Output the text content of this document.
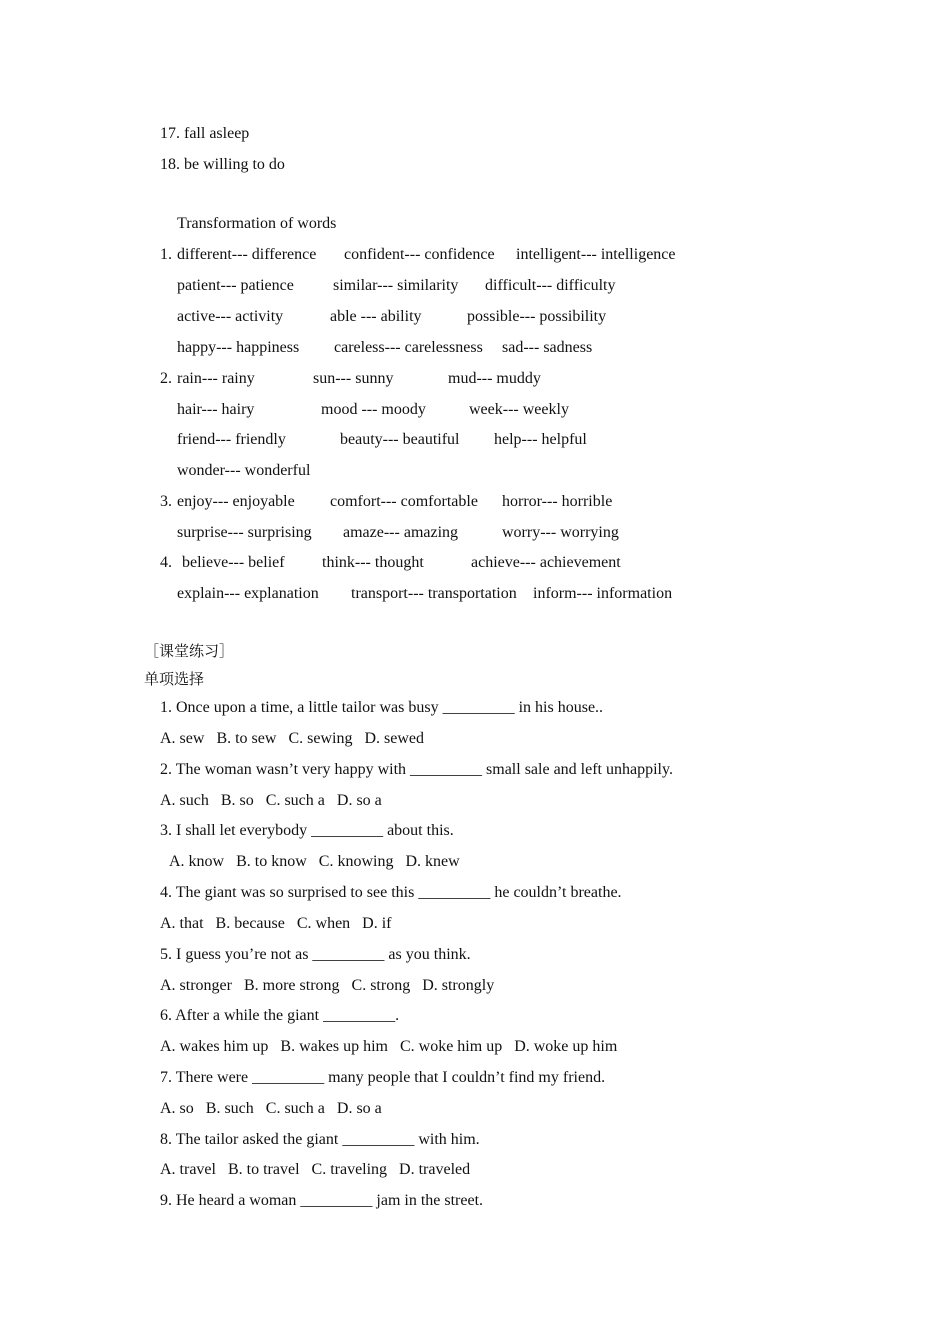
17. fall asleep
18. be willing to do
Transformation of words
1. different--- difference confident--- confidence intelligent--- intelligence
patient--- patience similar--- similarity difficult--- difficulty
active--- activity	able --- ability	possible--- possibility
happy--- happiness careless--- carelessness sad--- sadness
2. rain--- rainy	sun--- sunny	mud--- muddy
hair--- hairy	mood --- moody	week--- weekly
friend--- friendly	beauty--- beautiful help--- helpful
wonder--- wonderful
3. enjoy--- enjoyable comfort--- comfortable horror--- horrible
surprise--- surprising amaze--- amazing	worry--- worrying
4. believe--- belief think--- thought	achieve--- achievement
explain--- explanation transport--- transportation inform--- information
［课堂练习］
单项选择
1. Once upon a time, a little tailor was busy _________ in his house..
A. sew   B. to sew   C. sewing   D. sewed
2. The woman wasn’t very happy with _________ small sale and left unhappily.
A. such   B. so   C. such a   D. so a
3. I shall let everybody _________ about this.
A. know   B. to know   C. knowing   D. knew
4. The giant was so surprised to see this _________ he couldn’t breathe.
A. that   B. because   C. when   D. if
5. I guess you’re not as _________ as you think.
A. stronger   B. more strong   C. strong   D. strongly
6. After a while the giant _________.
A. wakes him up   B. wakes up him   C. woke him up   D. woke up him
7. There were _________ many people that I couldn’t find my friend.
A. so   B. such   C. such a   D. so a
8. The tailor asked the giant _________ with him.
A. travel   B. to travel   C. traveling   D. traveled
9. He heard a woman _________ jam in the street.
